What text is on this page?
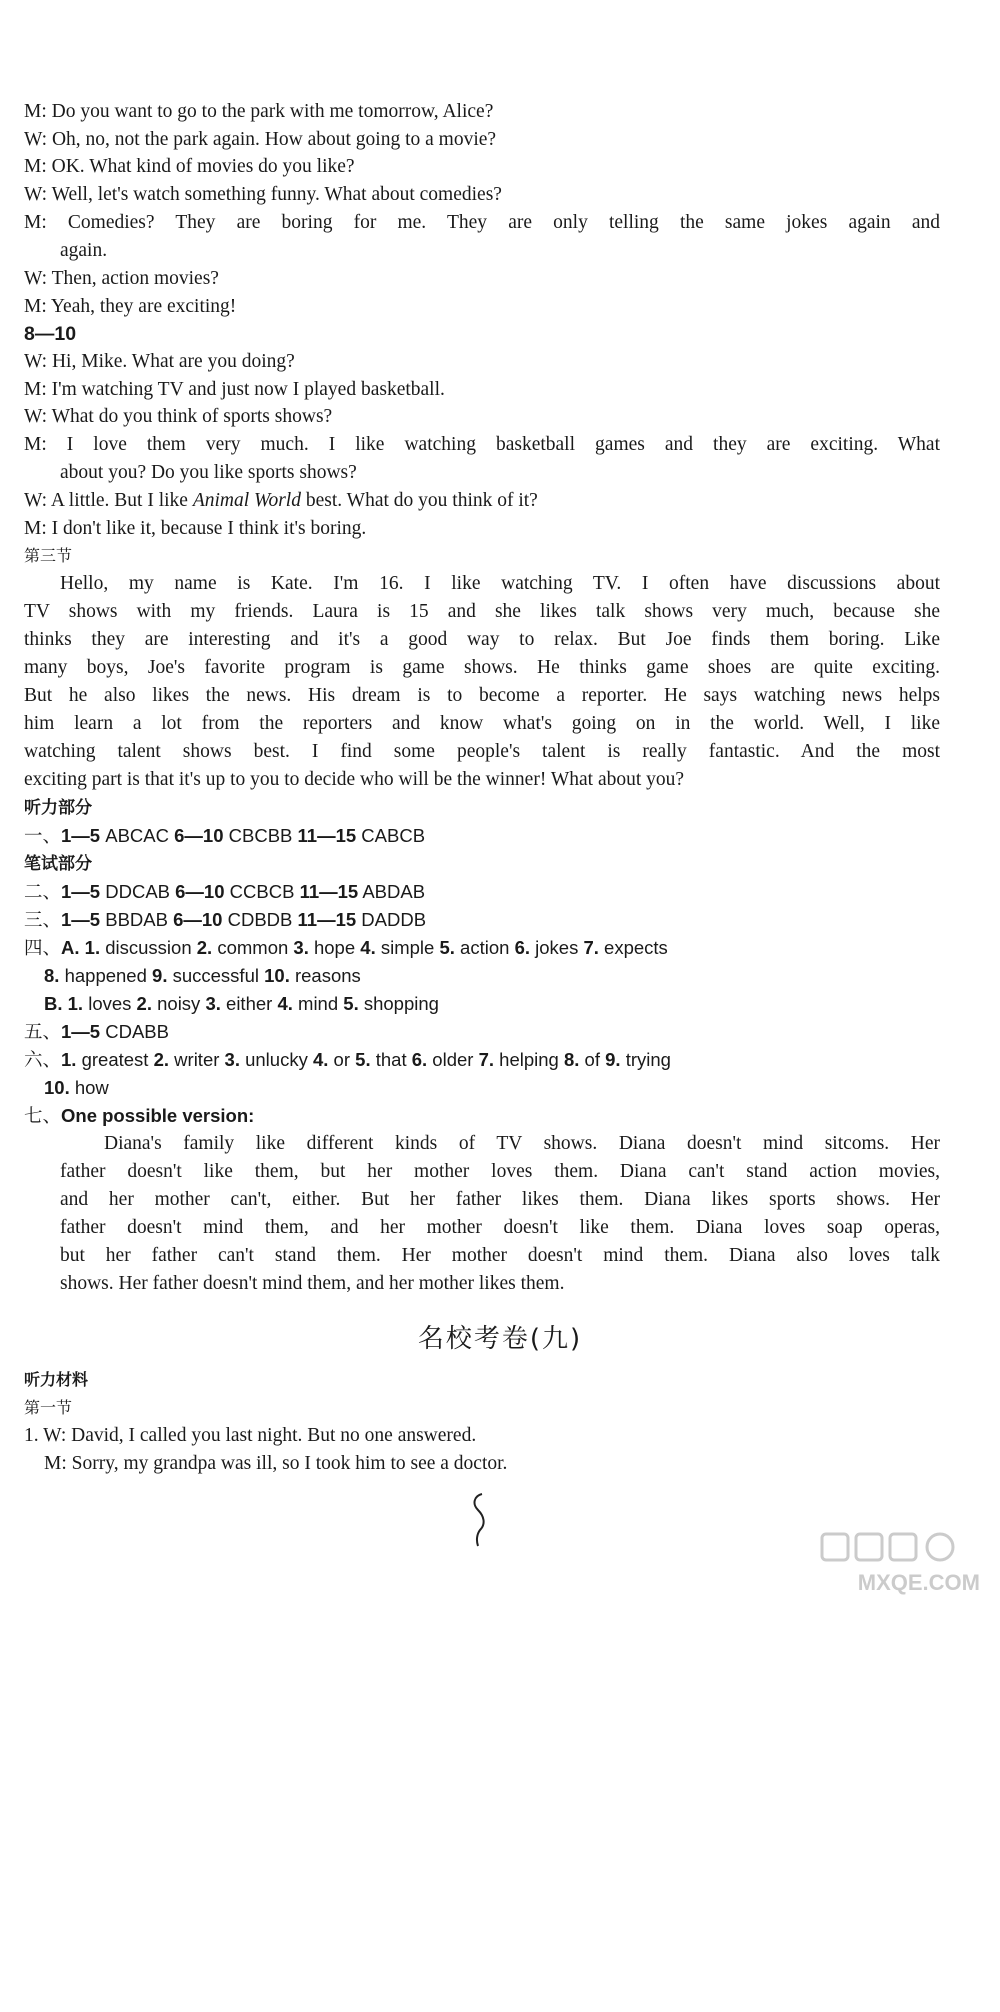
M: Do you want to go to the park with me tomorrow, Alice?
W: Oh, no, not the park again. How about going to a movie?
M: OK. What kind of movies do you like?
W: Well, let's watch something funny. What about comedies?
M: Comedies? They are boring for me. They are only telling the same jokes again and
again.
W: Then, action movies?
M: Yeah, they are exciting!
8—10
W: Hi, Mike. What are you doing?
M: I'm watching TV and just now I played basketball.
W: What do you think of sports shows?
M: I love them very much. I like watching basketball games and they are exciting. What
about you? Do you like sports shows?
W: A little. But I like Animal World best. What do you think of it?
M: I don't like it, because I think it's boring.
第三节
Hello, my name is Kate. I'm 16. I like watching TV. I often have discussions about
TV shows with my friends. Laura is 15 and she likes talk shows very much, because she
thinks they are interesting and it's a good way to relax. But Joe finds them boring. Like
many boys, Joe's favorite program is game shows. He thinks game shoes are quite exciting.
But he also likes the news. His dream is to become a reporter. He says watching news helps
him learn a lot from the reporters and know what's going on in the world. Well, I like
watching talent shows best. I find some people's talent is really fantastic. And the most
exciting part is that it's up to you to decide who will be the winner! What about you?
听力部分
一、1—5 ABCAC 6—10 CBCBB 11—15 CABCB
笔试部分
二、1—5 DDCAB 6—10 CCBCB 11—15 ABDAB
三、1—5 BBDAB 6—10 CDBDB 11—15 DADDB
四、A. 1. discussion 2. common 3. hope 4. simple 5. action 6. jokes 7. expects
8. happened 9. successful 10. reasons
B. 1. loves 2. noisy 3. either 4. mind 5. shopping
五、1—5 CDABB
六、1. greatest 2. writer 3. unlucky 4. or 5. that 6. older 7. helping 8. of 9. trying
10. how
七、One possible version:
Diana's family like different kinds of TV shows. Diana doesn't mind sitcoms. Her
father doesn't like them, but her mother loves them. Diana can't stand action movies,
and her mother can't, either. But her father likes them. Diana likes sports shows. Her
father doesn't mind them, and her mother doesn't like them. Diana loves soap operas,
but her father can't stand them. Her mother doesn't mind them. Diana also loves talk
shows. Her father doesn't mind them, and her mother likes them.
名校考卷(九)
听力材料
第一节
1. W: David, I called you last night. But no one answered.
M: Sorry, my grandpa was ill, so I took him to see a doctor.
MXQE.COM
